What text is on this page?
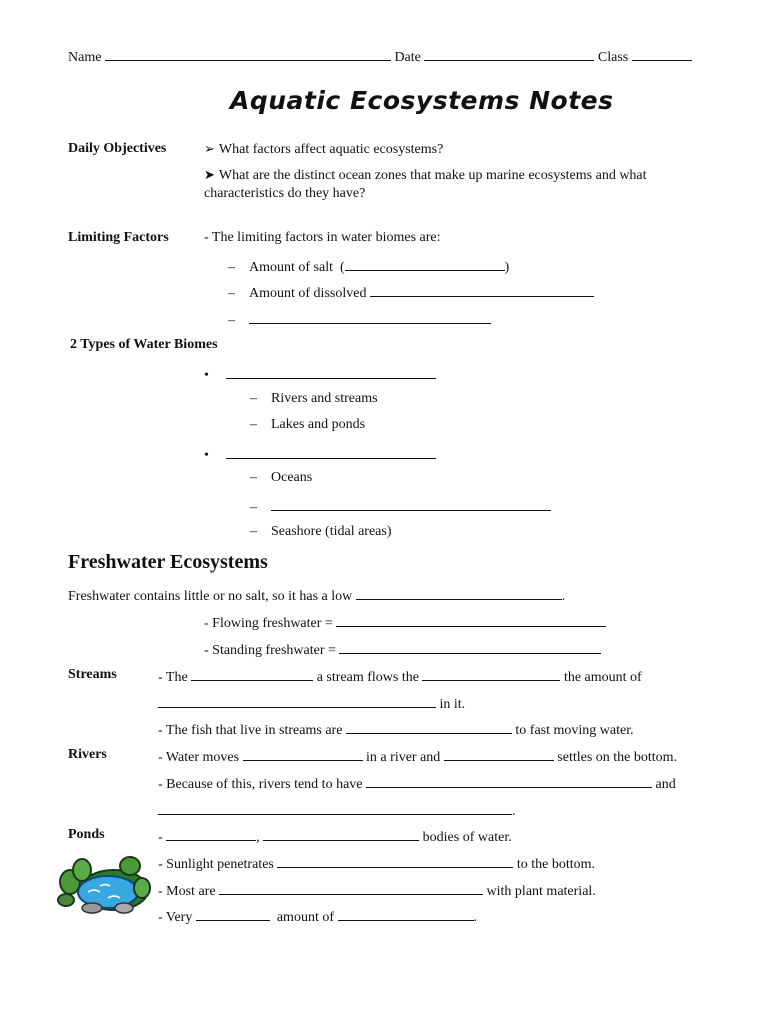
Name	Date	Class
Aquatic Ecosystems Notes
Daily Objectives	➢ What factors affect aquatic ecosystems?
➤ What are the distinct ocean zones that make up marine ecosystems and what
characteristics do they have?
Limiting Factors	- The limiting factors in water biomes are:
– Amount of salt  (	)
– Amount of dissolved
–
2 Types of Water Biomes
•
– Rivers and streams
– Lakes and ponds
•
– Oceans
–
– Seashore (tidal areas)
Freshwater Ecosystems
Freshwater contains little or no salt, so it has a low	.
- Flowing freshwater =
- Standing freshwater =
Streams	- The	a stream flows the	the amount of
in it.
- The fish that live in streams are	to fast moving water.
Rivers	- Water moves	in a river and	settles on the bottom.
- Because of this, rivers tend to have	and
.
Ponds	-	,	bodies of water.
- Sunlight penetrates	to the bottom.
- Most are	with plant material.
- Very	amount of	.
